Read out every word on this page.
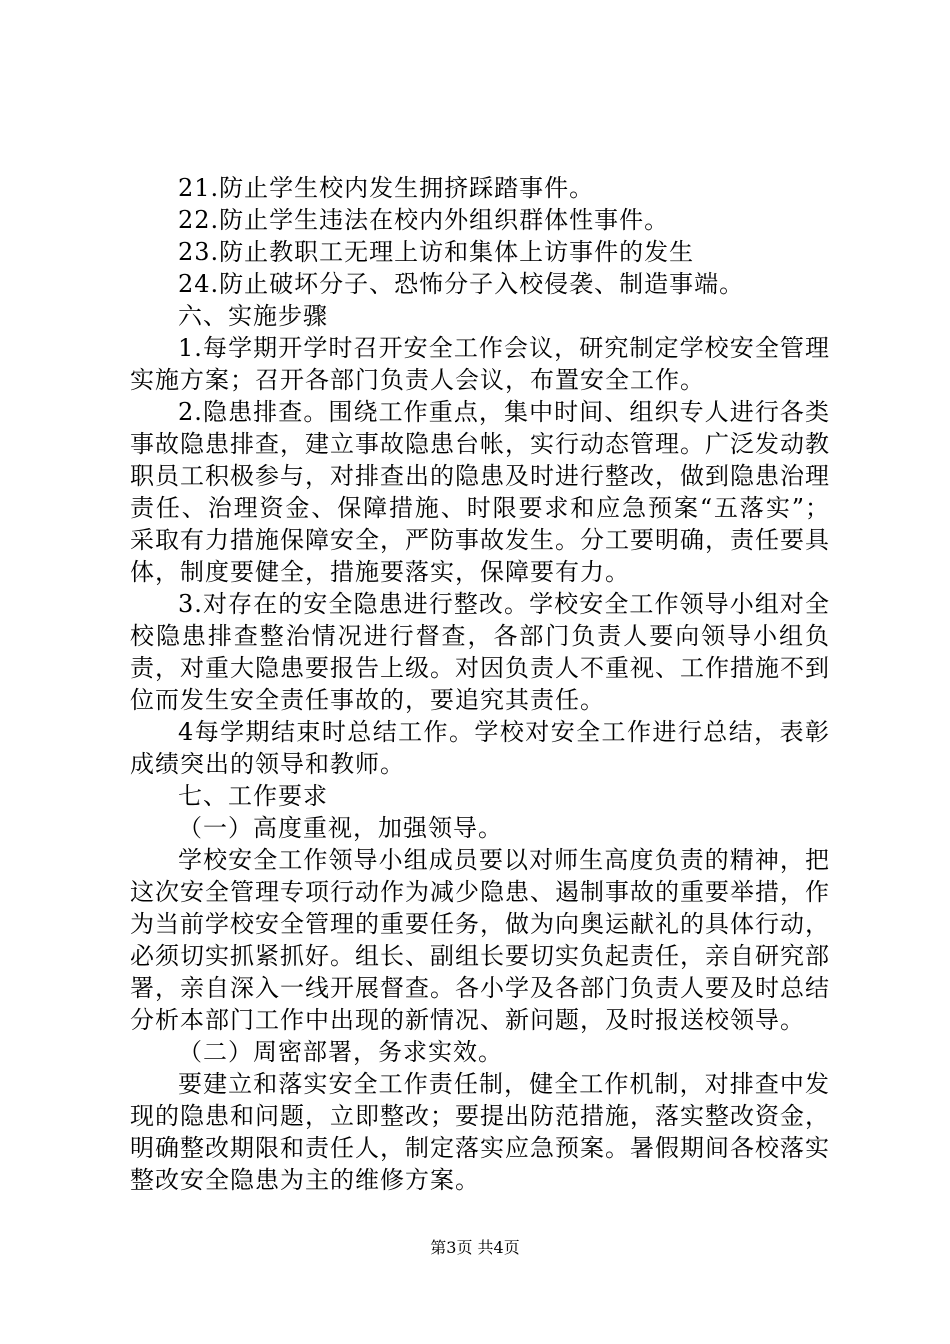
21.防止学生校内发生拥挤踩踏事件。

22.防止学生违法在校内外组织群体性事件。

23.防止教职工无理上访和集体上访事件的发生

24.防止破坏分子、恐怖分子入校侵袭、制造事端。

六、实施步骤

1.每学期开学时召开安全工作会议，研究制定学校安全管理实施方案；召开各部门负责人会议，布置安全工作。

2.隐患排查。围绕工作重点，集中时间、组织专人进行各类事故隐患排查，建立事故隐患台帐，实行动态管理。广泛发动教职员工积极参与，对排查出的隐患及时进行整改，做到隐患治理责任、治理资金、保障措施、时限要求和应急预案“五落实”；采取有力措施保障安全，严防事故发生。分工要明确，责任要具体，制度要健全，措施要落实，保障要有力。

3.对存在的安全隐患进行整改。学校安全工作领导小组对全校隐患排查整治情况进行督查，各部门负责人要向领导小组负责，对重大隐患要报告上级。对因负责人不重视、工作措施不到位而发生安全责任事故的，要追究其责任。

4每学期结束时总结工作。学校对安全工作进行总结，表彰成绩突出的领导和教师。

七、工作要求

（一）高度重视，加强领导。

学校安全工作领导小组成员要以对师生高度负责的精神，把这次安全管理专项行动作为减少隐患、遏制事故的重要举措，作为当前学校安全管理的重要任务，做为向奥运献礼的具体行动，必须切实抓紧抓好。组长、副组长要切实负起责任，亲自研究部署，亲自深入一线开展督查。各小学及各部门负责人要及时总结分析本部门工作中出现的新情况、新问题，及时报送校领导。

（二）周密部署，务求实效。

要建立和落实安全工作责任制，健全工作机制，对排查中发现的隐患和问题，立即整改；要提出防范措施，落实整改资金，明确整改期限和责任人，制定落实应急预案。暑假期间各校落实整改安全隐患为主的维修方案。

第3页 共4页
